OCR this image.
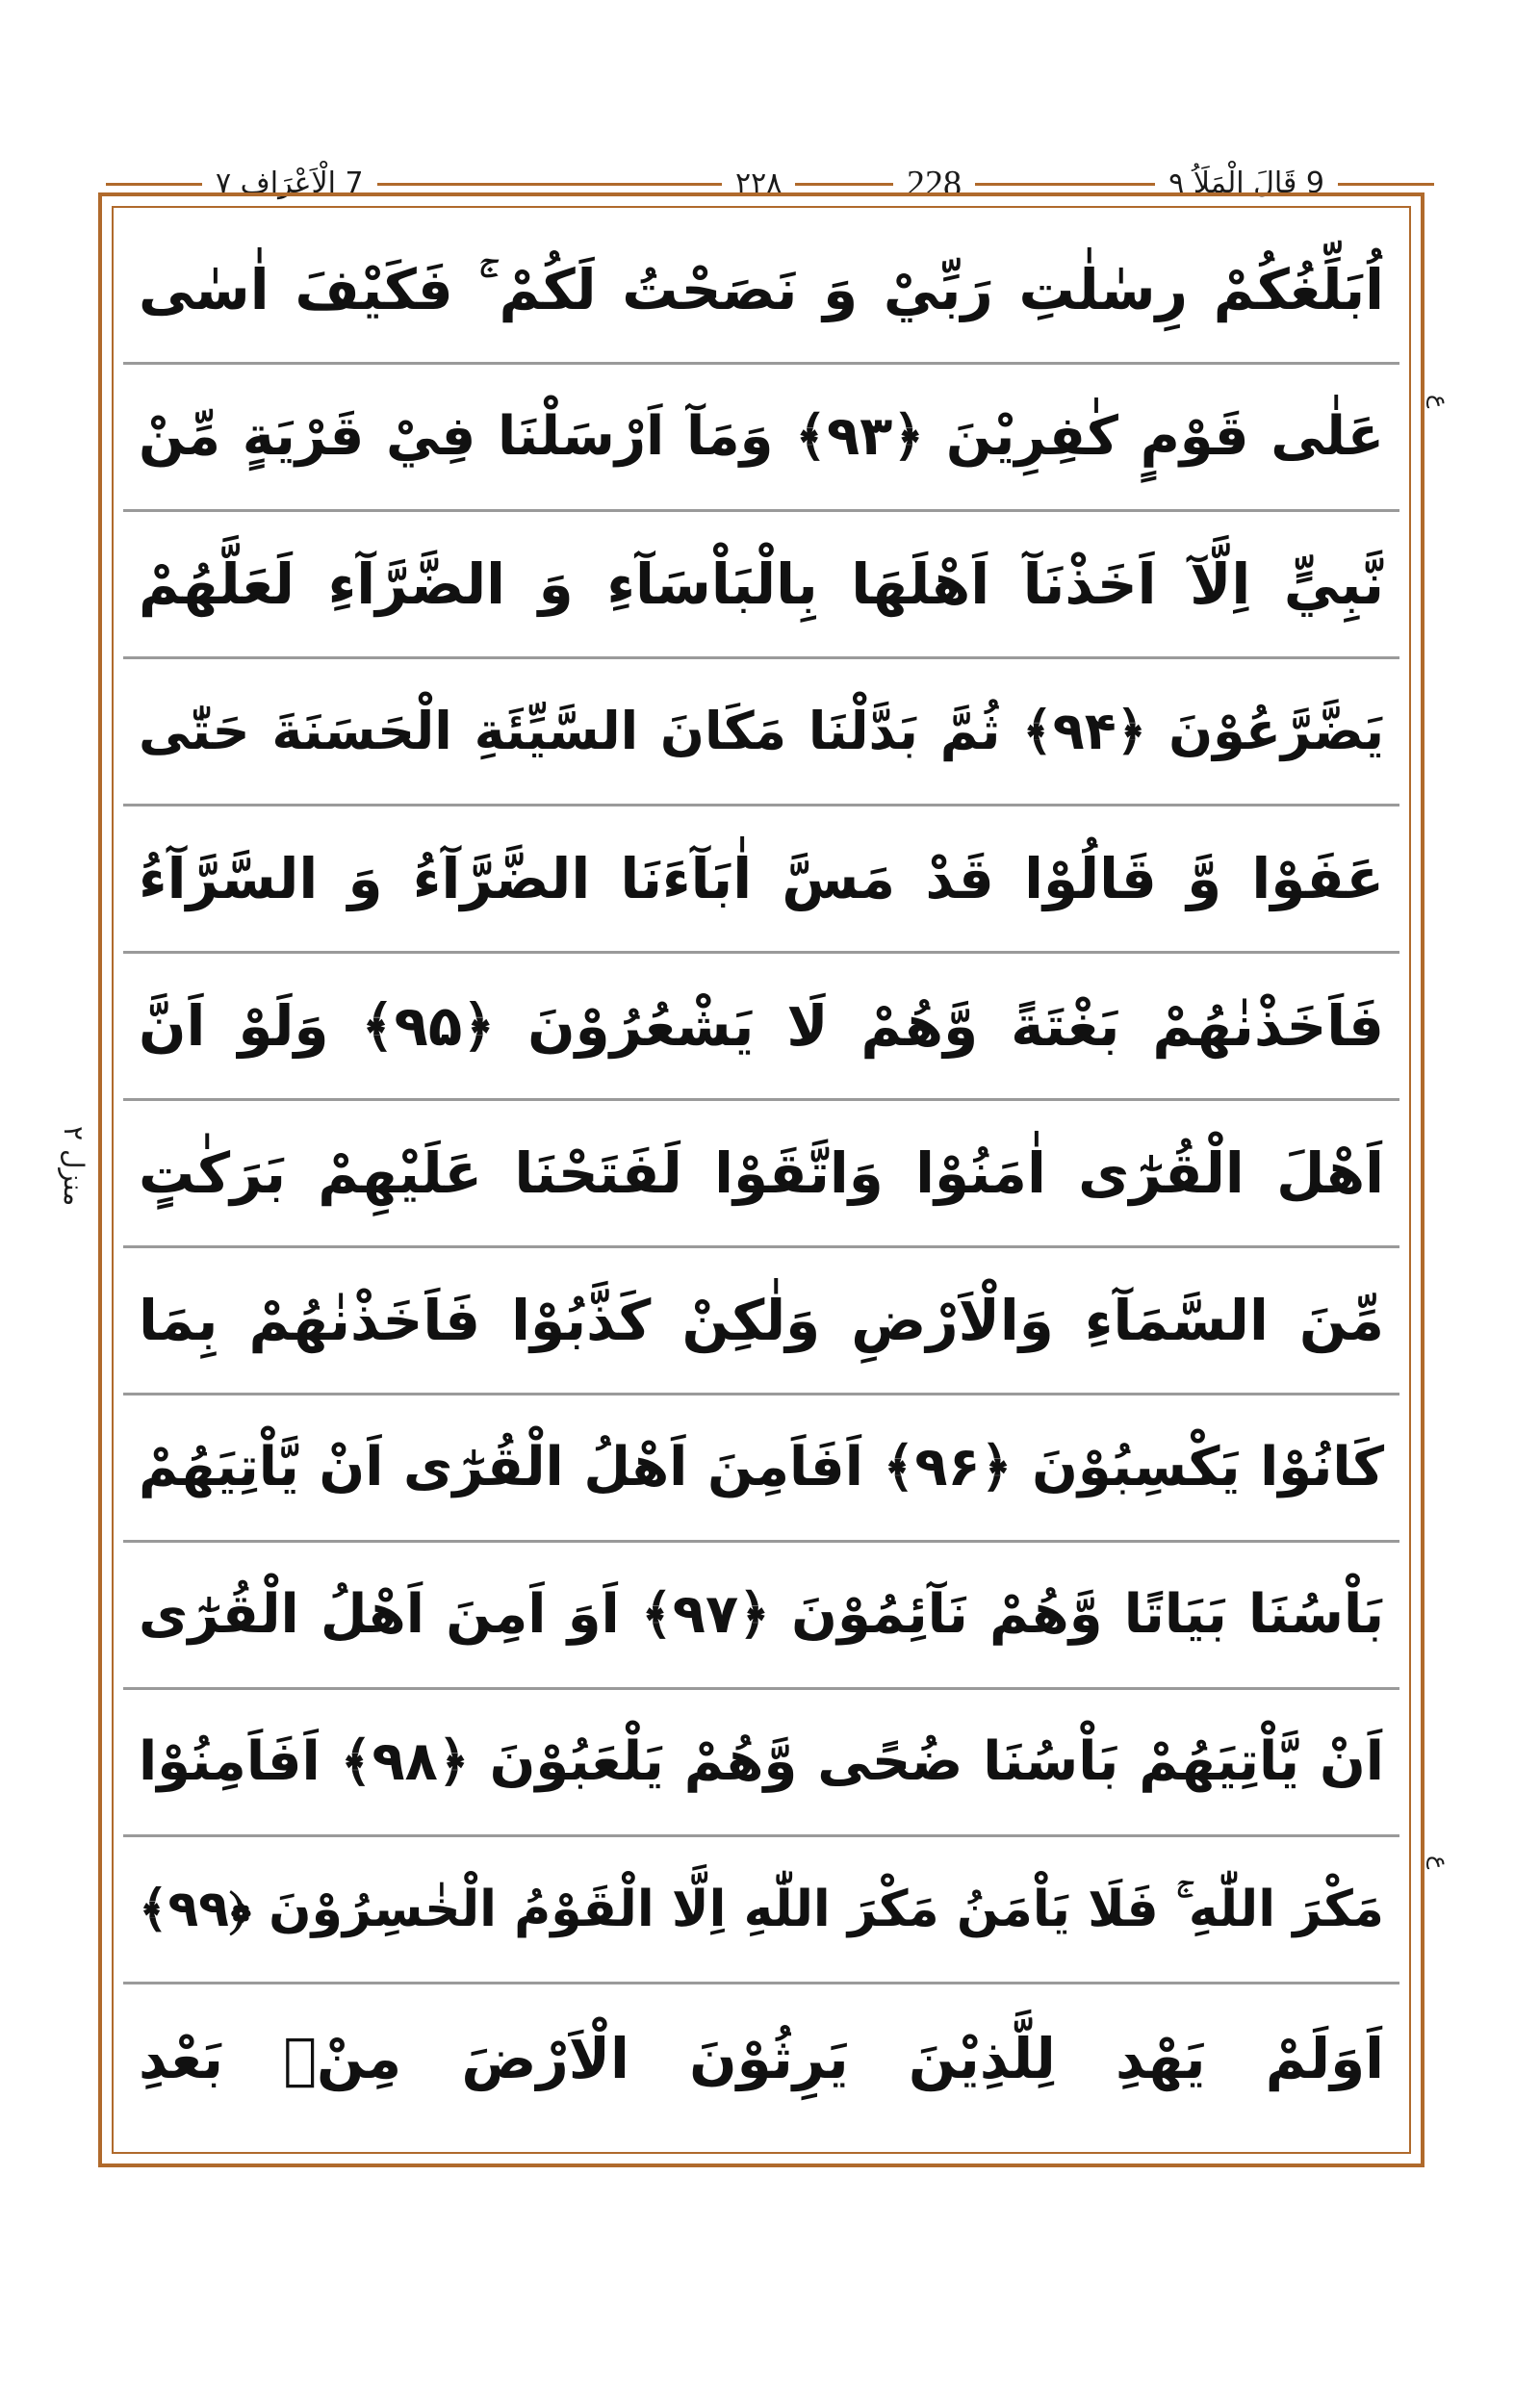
7 الْاَعْرَاف ٧	۲۲۸	228	9 قَالَ الْمَلَاُ ٩
ع
ع
منزل ٢
اُبَلِّغُكُمْ رِسٰلٰتِ رَبِّيْ وَ نَصَحْتُ لَكُمْ ۚ فَكَيْفَ اٰسٰى
عَلٰى قَوْمٍ كٰفِرِيْنَ ﴿۹۳﴾ وَمَآ اَرْسَلْنَا فِيْ قَرْيَةٍ مِّنْ
نَّبِيٍّ اِلَّآ اَخَذْنَآ اَهْلَهَا بِالْبَاْسَآءِ وَ الضَّرَّآءِ لَعَلَّهُمْ
يَضَّرَّعُوْنَ ﴿۹۴﴾ ثُمَّ بَدَّلْنَا مَكَانَ السَّيِّئَةِ الْحَسَنَةَ حَتّٰى
عَفَوْا وَّ قَالُوْا قَدْ مَسَّ اٰبَآءَنَا الضَّرَّآءُ وَ السَّرَّآءُ
فَاَخَذْنٰهُمْ بَغْتَةً وَّهُمْ لَا يَشْعُرُوْنَ ﴿۹۵﴾ وَلَوْ اَنَّ
اَهْلَ الْقُرٰٓى اٰمَنُوْا وَاتَّقَوْا لَفَتَحْنَا عَلَيْهِمْ بَرَكٰتٍ
مِّنَ السَّمَآءِ وَالْاَرْضِ وَلٰكِنْ كَذَّبُوْا فَاَخَذْنٰهُمْ بِمَا
كَانُوْا يَكْسِبُوْنَ ﴿۹۶﴾ اَفَاَمِنَ اَهْلُ الْقُرٰٓى اَنْ يَّاْتِيَهُمْ
بَاْسُنَا بَيَاتًا وَّهُمْ نَآئِمُوْنَ ﴿۹۷﴾ اَوَ اَمِنَ اَهْلُ الْقُرٰٓى
اَنْ يَّاْتِيَهُمْ بَاْسُنَا ضُحًى وَّهُمْ يَلْعَبُوْنَ ﴿۹۸﴾ اَفَاَمِنُوْا
مَكْرَ اللّٰهِ ۚ فَلَا يَاْمَنُ مَكْرَ اللّٰهِ اِلَّا الْقَوْمُ الْخٰسِرُوْنَ ﴿۹۹﴾
اَوَلَمْ يَهْدِ لِلَّذِيْنَ يَرِثُوْنَ الْاَرْضَ مِنْۢ بَعْدِ
